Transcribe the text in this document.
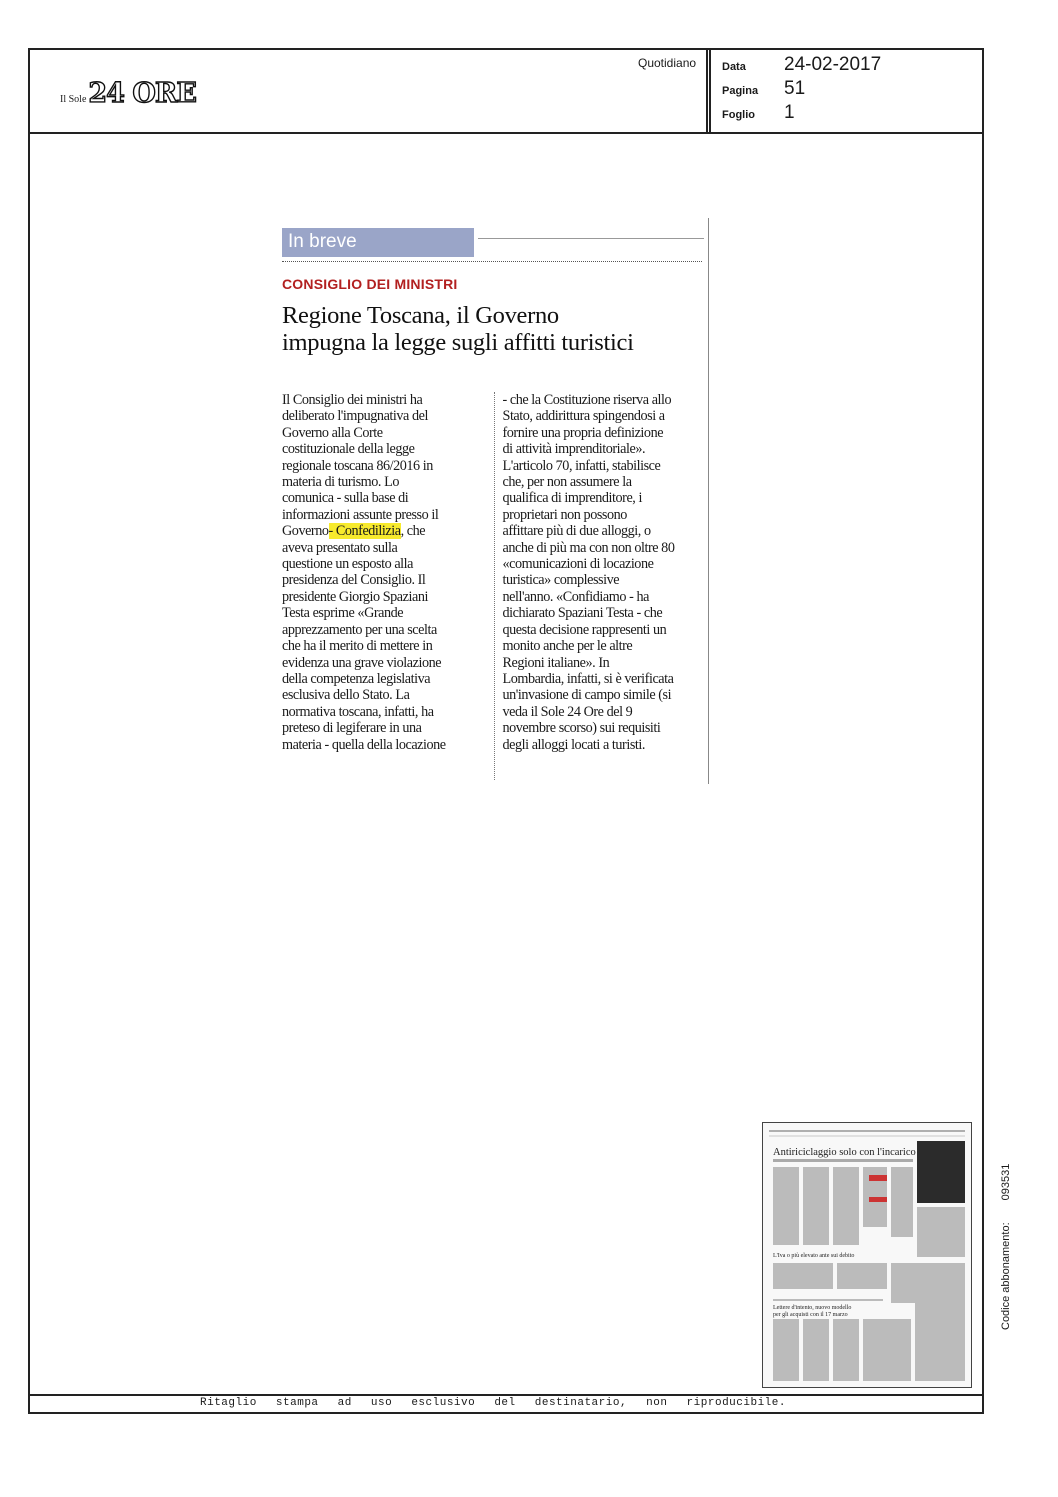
Il Sole 24 ORE
Quotidiano Data	24-02-2017
Pagina	51
Foglio	1
In breve
CONSIGLIO DEI MINISTRI
Regione Toscana, il Governo
impugna la legge sugli affitti turistici
Il Consiglio dei ministri ha
deliberato l'impugnativa del
Governo alla Corte
costituzionale della legge
regionale toscana 86/2016 in
materia di turismo. Lo
comunica - sulla base di
informazioni assunte presso il
Governo- Confedilizia, che
aveva presentato sulla
questione un esposto alla
presidenza del Consiglio. Il
presidente Giorgio Spaziani
Testa esprime «Grande
apprezzamento per una scelta
che ha il merito di mettere in
evidenza una grave violazione
della competenza legislativa
esclusiva dello Stato. La
normativa toscana, infatti, ha
preteso di legiferare in una
materia - quella della locazione
- che la Costituzione riserva allo
Stato, addirittura spingendosi a
fornire una propria definizione
di attività imprenditoriale».
L'articolo 70, infatti, stabilisce
che, per non assumere la
qualifica di imprenditore, i
proprietari non possono
affittare più di due alloggi, o
anche di più ma con non oltre 80
«comunicazioni di locazione
turistica» complessive
nell'anno. «Confidiamo - ha
dichiarato Spaziani Testa - che
questa decisione rappresenti un
monito anche per le altre
Regioni italiane». In
Lombardia, infatti, si è verificata
un'invasione di campo simile (si
veda il Sole 24 Ore del 9
novembre scorso) sui requisiti
degli alloggi locati a turisti.
Antiriciclaggio solo con l'incarico
L'Iva o più elevato ante sui debito
Lettere d'intento, nuovo modello
per gli acquisti con il 17 marzo	Codice abbonamento:093531
Ritaglio stampa ad uso esclusivo del destinatario, non riproducibile.
